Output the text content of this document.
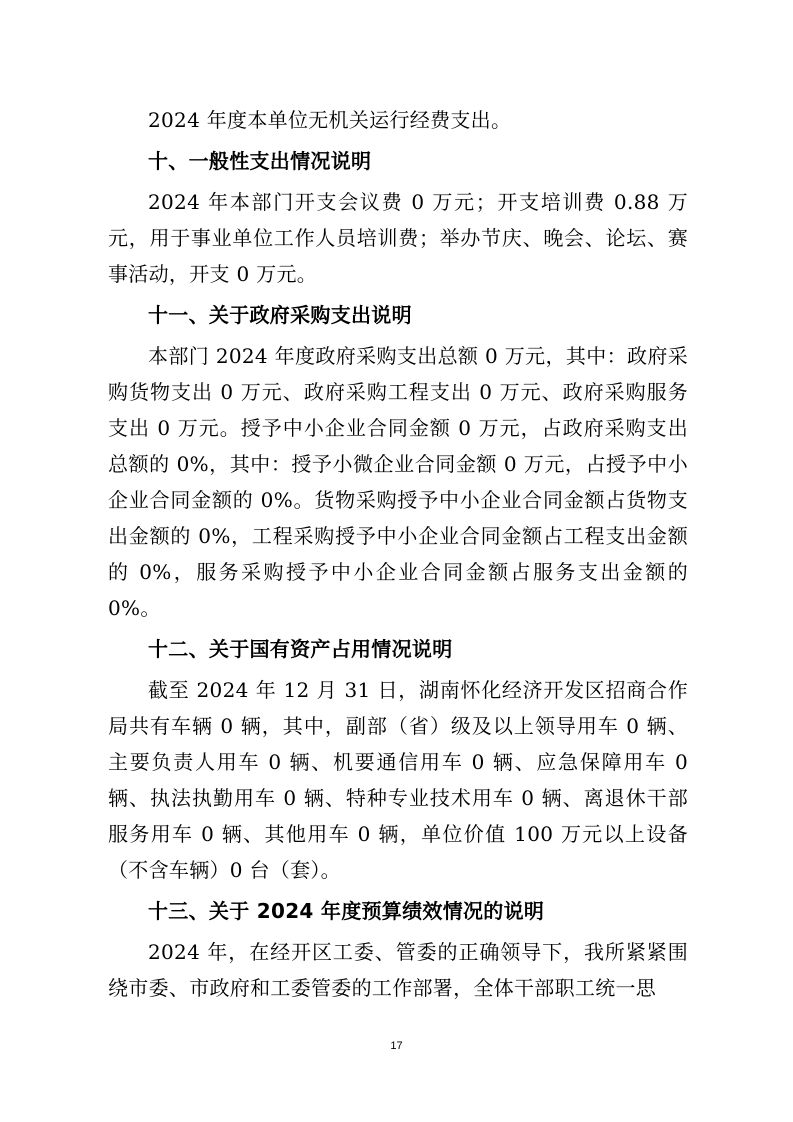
2024 年度本单位无机关运行经费支出。

十、一般性支出情况说明

2024 年本部门开支会议费 0 万元；开支培训费 0.88 万元，用于事业单位工作人员培训费；举办节庆、晚会、论坛、赛事活动，开支 0 万元。

十一、关于政府采购支出说明

本部门 2024 年度政府采购支出总额 0 万元，其中：政府采购货物支出 0 万元、政府采购工程支出 0 万元、政府采购服务支出 0 万元。授予中小企业合同金额 0 万元，占政府采购支出总额的 0%，其中：授予小微企业合同金额 0 万元，占授予中小企业合同金额的 0%。货物采购授予中小企业合同金额占货物支出金额的 0%，工程采购授予中小企业合同金额占工程支出金额的 0%，服务采购授予中小企业合同金额占服务支出金额的 0%。

十二、关于国有资产占用情况说明

截至 2024 年 12 月 31 日，湖南怀化经济开发区招商合作局共有车辆 0 辆，其中，副部（省）级及以上领导用车 0 辆、主要负责人用车 0 辆、机要通信用车 0 辆、应急保障用车 0 辆、执法执勤用车 0 辆、特种专业技术用车 0 辆、离退休干部服务用车 0 辆、其他用车 0 辆，单位价值 100 万元以上设备（不含车辆）0 台（套）。

十三、关于 2024 年度预算绩效情况的说明

2024 年，在经开区工委、管委的正确领导下，我所紧紧围绕市委、市政府和工委管委的工作部署，全体干部职工统一思

17
